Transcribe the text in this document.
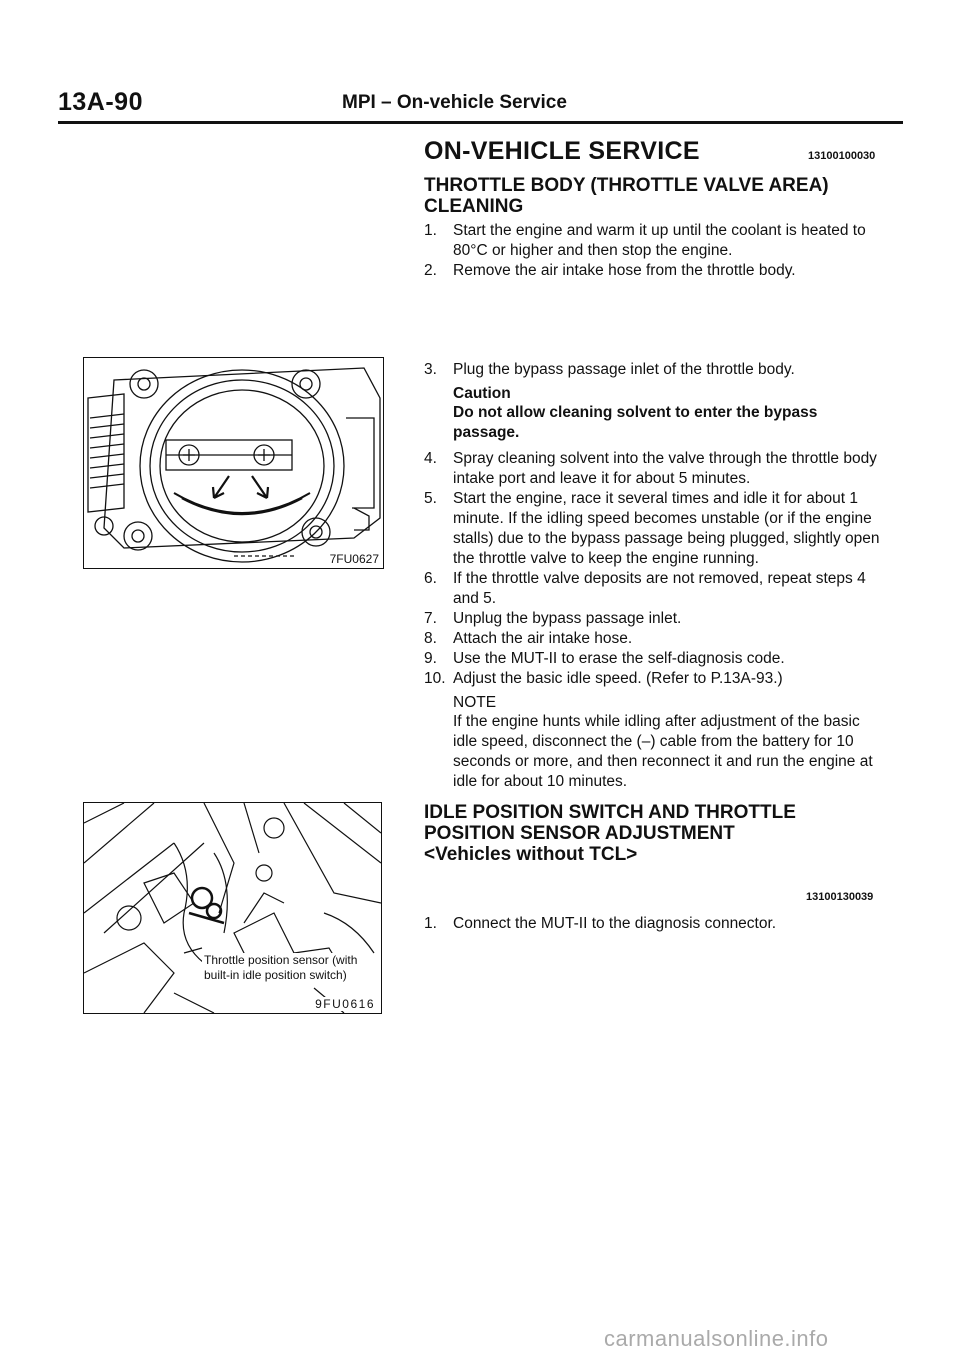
13A-90	MPI – On-vehicle Service
ON-VEHICLE SERVICE	13100100030
THROTTLE BODY (THROTTLE VALVE AREA) CLEANING
1.	Start the engine and warm it up until the coolant is heated to 80°C or higher and then stop the engine.
2.	Remove the air intake hose from the throttle body.
3.	Plug the bypass passage inlet of the throttle body.
Caution
Do not allow cleaning solvent to enter the bypass passage.
4.	Spray cleaning solvent into the valve through the throttle body intake port and leave it for about 5 minutes.
5.	Start the engine, race it several times and idle it for about 1 minute. If the idling speed becomes unstable (or if the engine stalls) due to the bypass passage being plugged, slightly open the throttle valve to keep the engine running.
6.	If the throttle valve deposits are not removed, repeat steps 4 and 5.
7.	Unplug the bypass passage inlet.
8.	Attach the air intake hose.
9.	Use the MUT-II to erase the self-diagnosis code.
10. Adjust the basic idle speed. (Refer to P.13A-93.)
NOTE
If the engine hunts while idling after adjustment of the basic idle speed, disconnect the (–) cable from the battery for 10 seconds or more, and then reconnect it and run the engine at idle for about 10 minutes.
IDLE POSITION SWITCH AND THROTTLE
POSITION SENSOR ADJUSTMENT
<Vehicles without TCL>
13100130039
1.	Connect the MUT-II to the diagnosis connector.
7FU0627
Throttle position sensor (with
built-in idle position switch)
9FU0616
carmanualsonline.info
